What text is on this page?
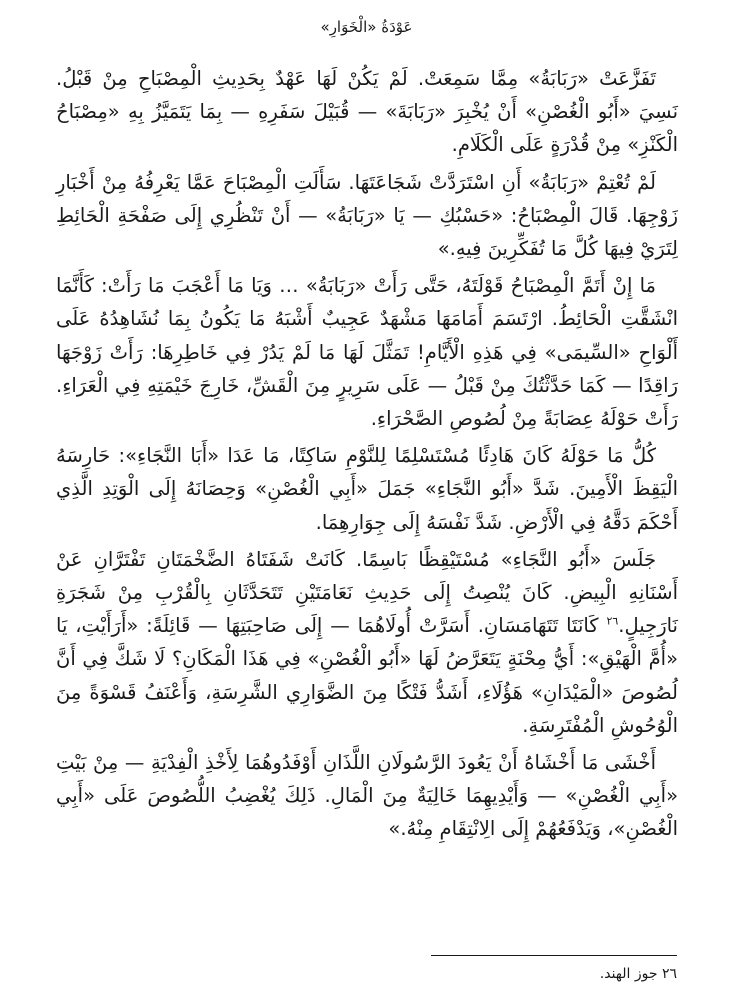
عَوْدَةُ «الْخَوَارِ»

تَفَزَّعَتْ «رَبَابَةُ» مِمَّا سَمِعَتْ. لَمْ يَكُنْ لَهَا عَهْدٌ بِحَدِيثِ الْمِصْبَاحِ مِنْ قَبْلُ. نَسِيَ «أَبُو الْغُصْنِ» أَنْ يُخْبِرَ «رَبَابَةَ» — قُبَيْلَ سَفَرِهِ — بِمَا يَتَمَيَّزُ بِهِ «مِصْبَاحُ الْكَنْزِ» مِنْ قُدْرَةٍ عَلَى الْكَلَامِ.

لَمْ تُعْتِمْ «رَبَابَةُ» أَنِ اسْتَرَدَّتْ شَجَاعَتَهَا. سَأَلَتِ الْمِصْبَاحَ عَمَّا يَعْرِفُهُ مِنْ أَخْبَارِ زَوْجِهَا. قَالَ الْمِصْبَاحُ: «حَسْبُكِ — يَا «رَبَابَةُ» — أَنْ تَنْظُرِي إِلَى صَفْحَةِ الْحَائِطِ لِتَرَيْ فِيهَا كُلَّ مَا تُفَكِّرِينَ فِيهِ.»

مَا إِنْ أَتَمَّ الْمِصْبَاحُ قَوْلَتَهُ، حَتَّى رَأَتْ «رَبَابَةُ» … وَيَا مَا أَعْجَبَ مَا رَأَتْ: كَأَنَّمَا انْشَقَّتِ الْحَائِطُ. ارْتَسَمَ أَمَامَهَا مَشْهَدٌ عَجِيبٌ أَشْبَهُ مَا يَكُونُ بِمَا نُشَاهِدُهُ عَلَى أَلْوَاحِ «السِّيمَى» فِي هَذِهِ الْأَيَّامِ! تَمَثَّلَ لَهَا مَا لَمْ يَدُرْ فِي خَاطِرِهَا: رَأَتْ زَوْجَهَا رَاقِدًا — كَمَا حَدَّثْتُكَ مِنْ قَبْلُ — عَلَى سَرِيرٍ مِنَ الْقَشِّ، خَارِجَ خَيْمَتِهِ فِي الْعَرَاءِ. رَأَتْ حَوْلَهُ عِصَابَةً مِنْ لُصُوصِ الصَّحْرَاءِ.

كُلُّ مَا حَوْلَهُ كَانَ هَادِئًا مُسْتَسْلِمًا لِلنَّوْمِ سَاكِتًا، مَا عَدَا «أَبَا النَّجَاءِ»: حَارِسَهُ الْيَقِظَ الْأَمِينَ. شَدَّ «أَبُو النَّجَاءِ» جَمَلَ «أَبِي الْغُصْنِ» وَحِصَانَهُ إِلَى الْوَتِدِ الَّذِي أَحْكَمَ دَقَّهُ فِي الْأَرْضِ. شَدَّ نَفْسَهُ إِلَى جِوَارِهِمَا.

جَلَسَ «أَبُو النَّجَاءِ» مُسْتَيْقِظًا بَاسِمًا. كَانَتْ شَفَتَاهُ الضَّخْمَتَانِ تَفْتَرَّانِ عَنْ أَسْنَانِهِ الْبِيضِ. كَانَ يُنْصِتُ إِلَى حَدِيثِ نَعَامَتَيْنِ تَتَحَدَّثَانِ بِالْقُرْبِ مِنْ شَجَرَةِ نَارَجِيلٍ.$^{٢٦}$ كَانَتَا تَتَهَامَسَانِ. أَسَرَّتْ أُولَاهُمَا — إِلَى صَاحِبَتِهَا — قَائِلَةً: «أَرَأَيْتِ، يَا «أُمَّ الْهَيْقِ»: أَيُّ مِحْنَةٍ يَتَعَرَّضُ لَهَا «أَبُو الْغُصْنِ» فِي هَذَا الْمَكَانِ؟ لَا شَكَّ فِي أَنَّ لُصُوصَ «الْمَيْدَانِ» هَؤُلَاءِ، أَشَدُّ فَتْكًا مِنَ الضَّوَارِي الشَّرِسَةِ، وَأَعْنَفُ قَسْوَةً مِنَ الْوُحُوشِ الْمُفْتَرِسَةِ.

أَخْشَى مَا أَخْشَاهُ أَنْ يَعُودَ الرَّسُولَانِ اللَّذَانِ أَوْفَدُوهُمَا لِأَخْذِ الْفِدْيَةِ — مِنْ بَيْتِ «أَبِي الْغُصْنِ» — وَأَيْدِيهِمَا خَالِيَةٌ مِنَ الْمَالِ. ذَلِكَ يُغْضِبُ اللُّصُوصَ عَلَى «أَبِي الْغُصْنِ»، وَيَدْفَعُهُمْ إِلَى الِانْتِقَامِ مِنْهُ.»

٢٦ جوز الهند.
